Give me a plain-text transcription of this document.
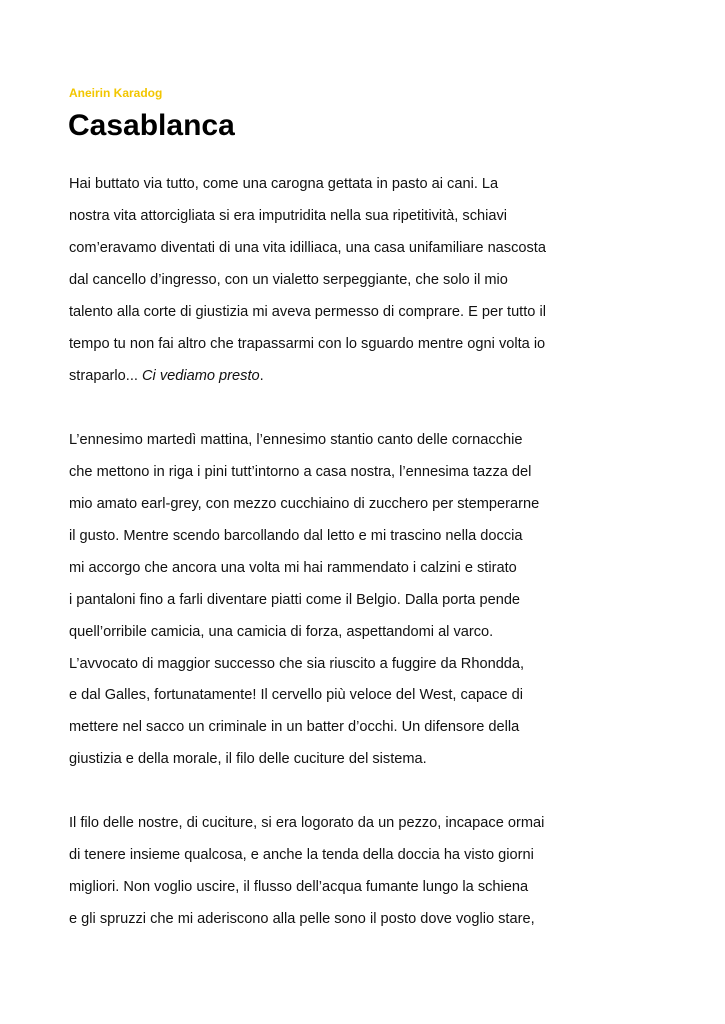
Aneirin Karadog
Casablanca
Hai buttato via tutto, come una carogna gettata in pasto ai cani. La
nostra vita attorcigliata si era imputridita nella sua ripetitività, schiavi
com’eravamo diventati di una vita idilliaca, una casa unifamiliare nascosta
dal cancello d’ingresso, con un vialetto serpeggiante, che solo il mio
talento alla corte di giustizia mi aveva permesso di comprare. E per tutto il
tempo tu non fai altro che trapassarmi con lo sguardo mentre ogni volta io
straparlo... Ci vediamo presto.
L’ennesimo martedì mattina, l’ennesimo stantio canto delle cornacchie
che mettono in riga i pini tutt’intorno a casa nostra, l’ennesima tazza del
mio amato earl-grey, con mezzo cucchiaino di zucchero per stemperarne
il gusto. Mentre scendo barcollando dal letto e mi trascino nella doccia
mi accorgo che ancora una volta mi hai rammendato i calzini e stirato
i pantaloni fino a farli diventare piatti come il Belgio. Dalla porta pende
quell’orribile camicia, una camicia di forza, aspettandomi al varco.
L’avvocato di maggior successo che sia riuscito a fuggire da Rhondda,
e dal Galles, fortunatamente! Il cervello più veloce del West, capace di
mettere nel sacco un criminale in un batter d’occhi. Un difensore della
giustizia e della morale, il filo delle cuciture del sistema.
Il filo delle nostre, di cuciture, si era logorato da un pezzo, incapace ormai
di tenere insieme qualcosa, e anche la tenda della doccia ha visto giorni
migliori. Non voglio uscire, il flusso dell’acqua fumante lungo la schiena
e gli spruzzi che mi aderiscono alla pelle sono il posto dove voglio stare,
